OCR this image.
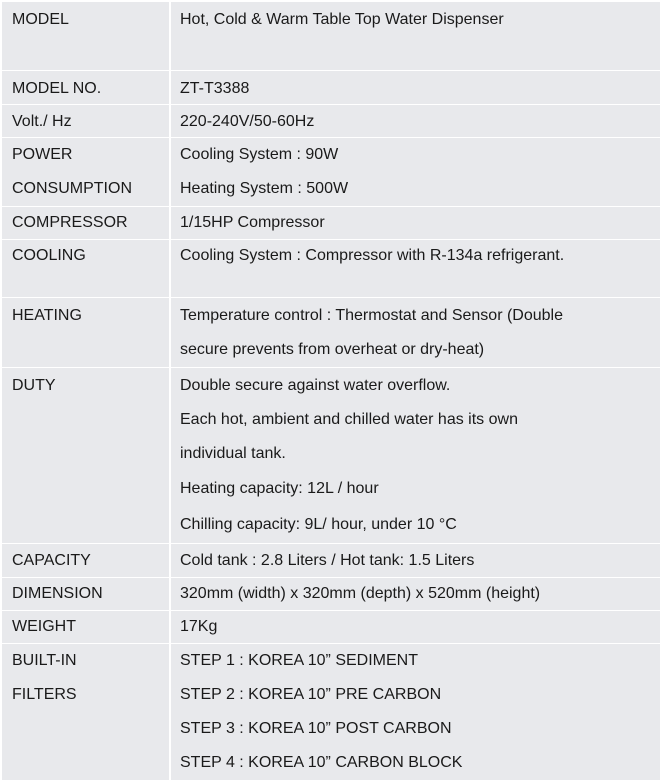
MODEL	Hot, Cold & Warm Table Top Water Dispenser

MODEL NO.	ZT-T3388

Volt./ Hz	220-240V/50-60Hz

POWER
CONSUMPTION	Cooling System : 90W
Heating System : 500W

COMPRESSOR	1/15HP Compressor

COOLING	Cooling System : Compressor with R-134a refrigerant.

HEATING	Temperature control : Thermostat and Sensor (Double
secure prevents from overheat or dry-heat)

DUTY	Double secure against water overflow.
Each hot, ambient and chilled water has its own
individual tank.
Heating capacity: 12L / hour
Chilling capacity: 9L/ hour, under 10 °C

CAPACITY	Cold tank : 2.8 Liters / Hot tank: 1.5 Liters

DIMENSION	320mm (width) x 320mm (depth) x 520mm (height)

WEIGHT	17Kg

BUILT-IN
FILTERS	STEP 1 : KOREA 10” SEDIMENT
STEP 2 : KOREA 10” PRE CARBON
STEP 3 : KOREA 10” POST CARBON
STEP 4 : KOREA 10” CARBON BLOCK
